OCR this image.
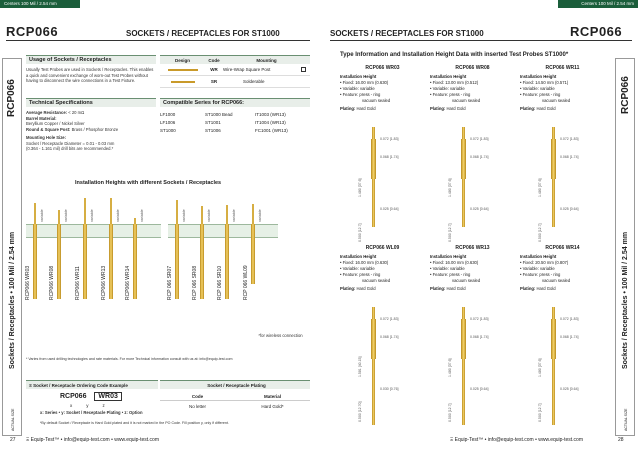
Centers 100 Mil / 2.54 mm
RCP066	SOCKETS / RECEPTACLES FOR ST1000
RCP066
Sockets / Receptacles • 100 Mil / 2.54 mm
ACTUAL SIZE
Usage of Sockets / Receptacles
Usually Test Probes are used in Sockets / Receptacles. This enables a quick and convenient exchange of worn-out Test Probes without having to disconnect the wire connections in a Test Fixture.
Design	Code	Mounting
WR	Wire-Wrap Square Post
SR	Solderable
Technical Specifications
Average Resistance: < 20 mΩ
Barrel Material:
Beryllium Copper / Nickel Silver
Round & Square Post: Brass / Phosphor Bronze
Mounting Hole Size:
Socket / Receptacle Diameter = 0.01 - 0.03 mm
(0.364 - 1.161 mil) drill bits are recommended.*
Compatible Series for RCP066:
LF1000	ST1000 Bead	IT1003 (WR13)
LF1006	ST1001	IT1004 (WR13)
ST1000	ST1006	FC1001 (WR13)
Installation Heights with different Sockets / Receptacles
RCP066 WR03
variable
RCP066 WR08
variable
RCP066 WR11
variable
RCP066 WR13
variable
RCP066 WR14
variable
RCP 066 SR07
variable
RCP 066 SR08
variable
RCP 066 SR10
variable
RCP 066 WL09
variable
*for wireless connection
* Varies from used drilling technologies and rate materials. For more Technical information consult with us at: info@equip-test.com
Ξ Socket / Receptacle Ordering Code Example	Socket / Receptacle Plating
RCP066 WR03
x	y	z
x: Series • y: Socket / Receptacle Plating • z: Option
Code	Material
No letter	Hard Gold*
*By default Socket / Receptacle is Hard Gold plated and it is not marked in the PO Code. Fill position y, only if different.
27 Ξ Equip-Test™ • info@equip-test.com • www.equip-test.com
Centers 100 Mil / 2.54 mm
SOCKETS / RECEPTACLES FOR ST1000	RCP066
RCP066
Sockets / Receptacles • 100 Mil / 2.54 mm
ACTUAL SIZE
Type Information and Installation Height Data with inserted Test Probes ST1000*
RCP066 WR03
Installation Height
• Fixed: 16.00 mm (0.630)
• Variable: variable
• Feature: press - ring
vacuum sealed
Plating: Hard Gold
0.072 [1.83]
0.068 [1.74]
1.480 [37.6]
0.025 [0.64]
0.500 [12.7]
RCP066 WR08
Installation Height
• Fixed: 13.00 mm (0.512)
• Variable: variable
• Feature: press - ring
vacuum sealed
Plating: Hard Gold
0.072 [1.83]
0.068 [1.74]
1.480 [37.6]
0.025 [0.64]
0.500 [12.7]
RCP066 WR11
Installation Height
• Fixed: 14.50 mm (0.571)
• Variable: variable
• Feature: press - ring
vacuum sealed
Plating: Hard Gold
0.072 [1.83]
0.068 [1.74]
1.480 [37.6]
0.025 [0.64]
0.500 [12.7]
RCP066 WL09
Installation Height
• Fixed: 16.00 mm (0.630)
• Variable: variable
• Feature: press - ring
vacuum sealed
Plating: Hard Gold
0.072 [1.83]
0.068 [1.74]
1.581 [40.15]
0.030 [0.76]
0.500 [12.70]
RCP066 WR13
Installation Height
• Fixed: 16.00 mm (0.630)
• Variable: variable
• Feature: press - ring
vacuum sealed
Plating: Hard Gold
0.072 [1.83]
0.068 [1.74]
1.480 [37.6]
0.025 [0.64]
0.500 [12.7]
RCP066 WR14
Installation Height
• Fixed: 20.50 mm (0.807)
• Variable: variable
• Feature: press - ring
vacuum sealed
Plating: Hard Gold
0.072 [1.83]
0.068 [1.74]
1.480 [37.6]
0.025 [0.64]
0.500 [12.7]
Ξ Equip-Test™ • info@equip-test.com • www.equip-test.com	28
